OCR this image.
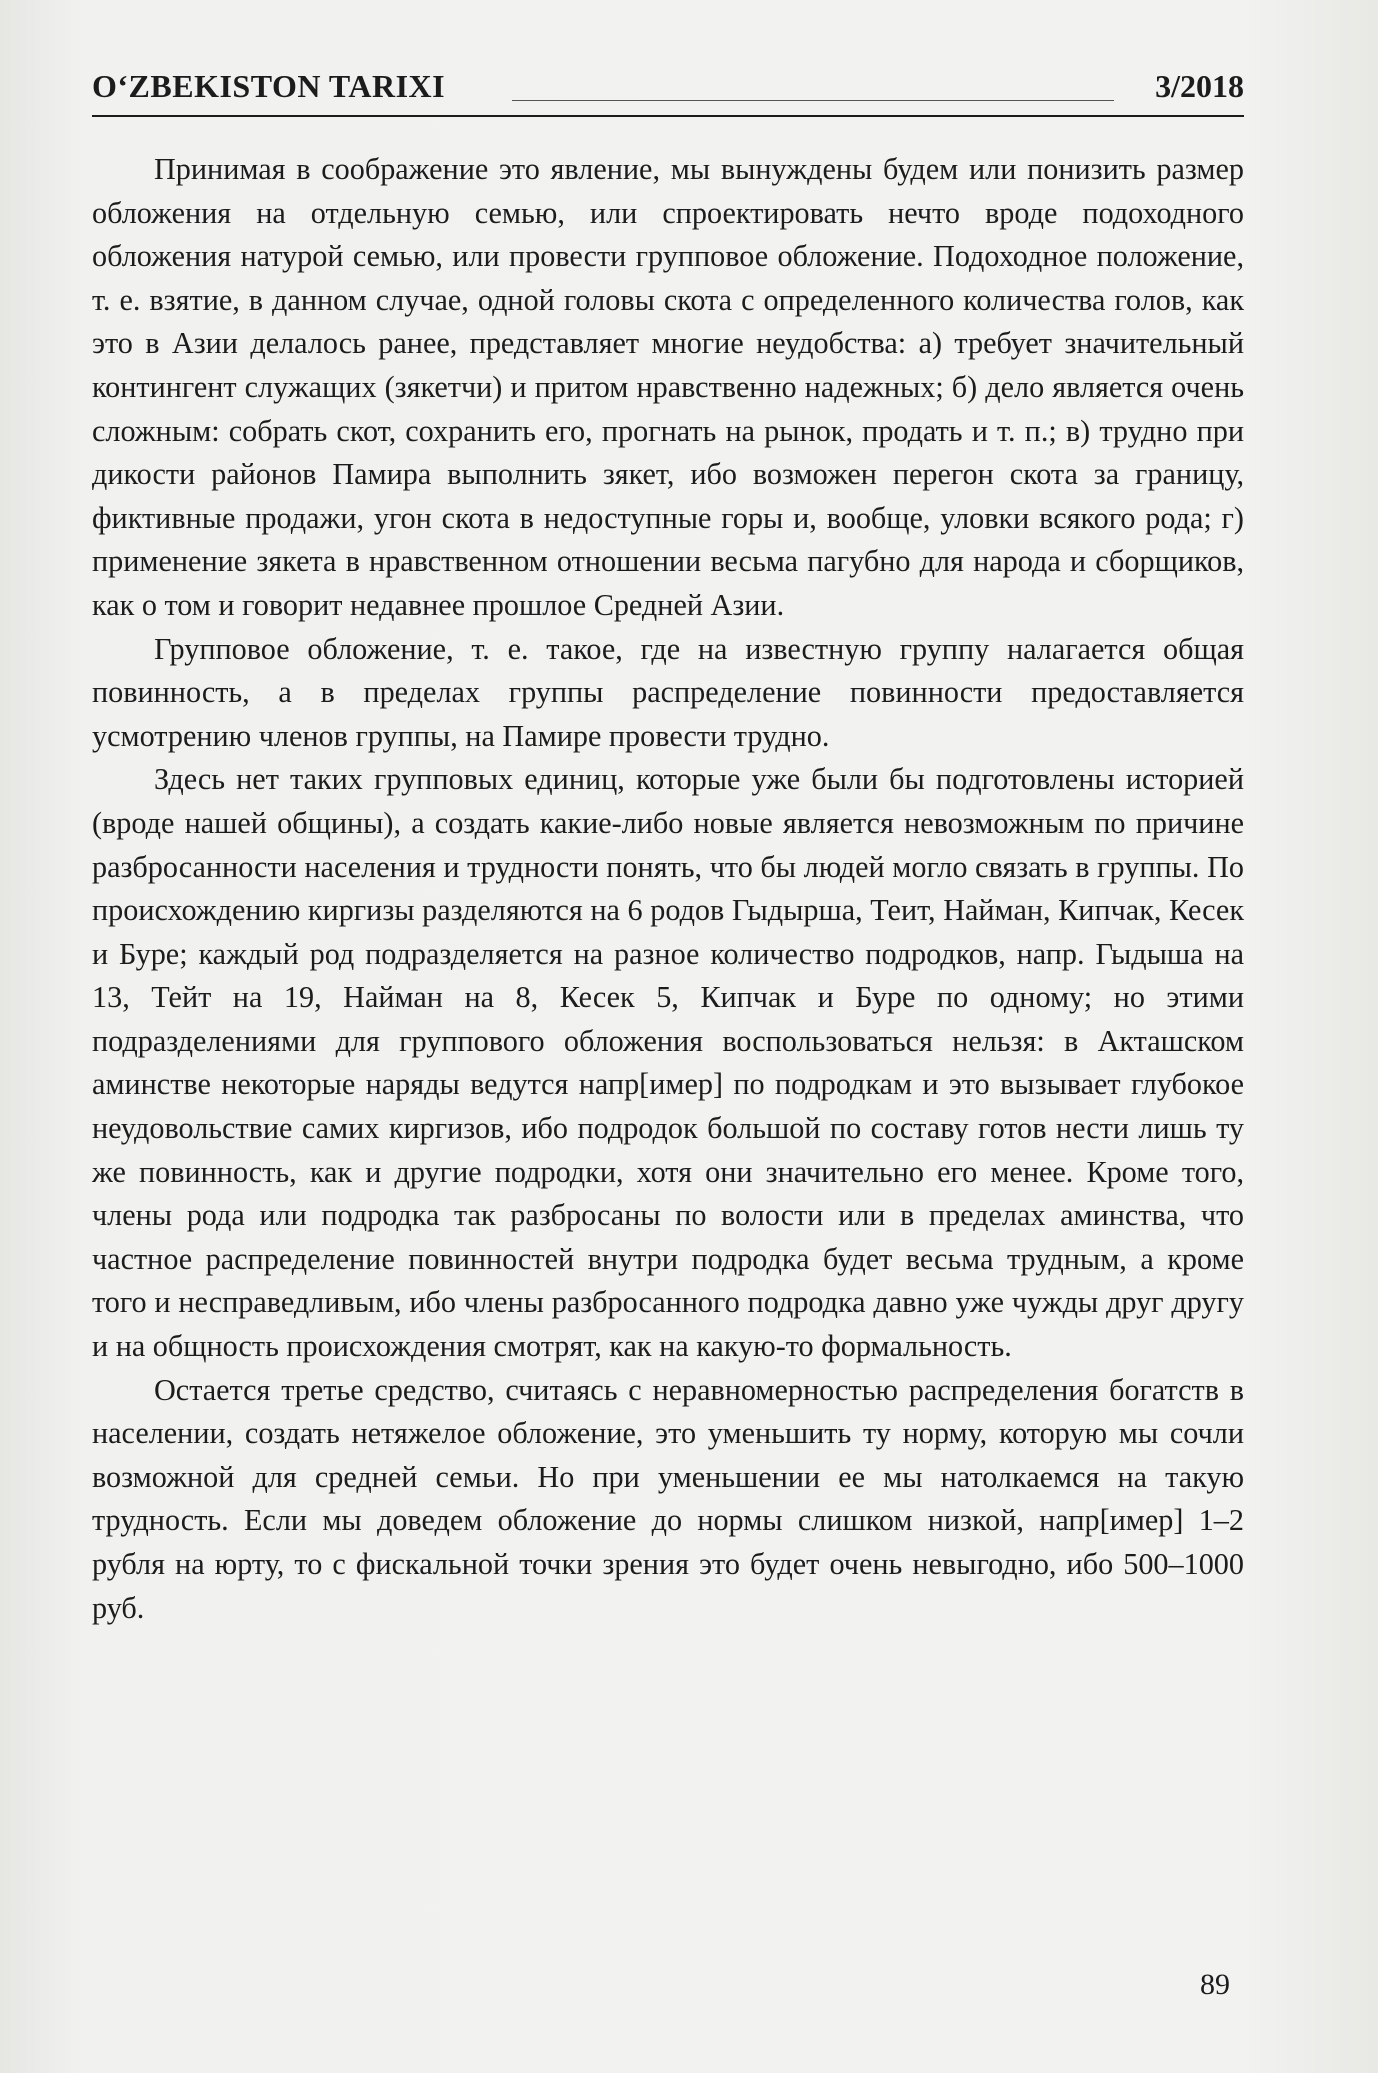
O‘ZBEKISTON TARIXI	3/2018

Принимая в соображение это явление, мы вынуждены будем или понизить размер обложения на отдельную семью, или спроектировать нечто вроде подоходного обложения натурой семью, или провести групповое обложение. Подоходное положение, т. е. взятие, в данном случае, одной головы скота с определенного количества голов, как это в Азии делалось ранее, представляет многие неудобства: а) требует значительный контингент служащих (зякетчи) и притом нравственно надежных; б) дело является очень сложным: собрать скот, сохранить его, прогнать на рынок, продать и т. п.; в) трудно при дикости районов Памира выполнить зякет, ибо возможен перегон скота за границу, фиктивные продажи, угон скота в недоступные горы и, вообще, уловки всякого рода; г) применение зякета в нравственном отношении весьма пагубно для народа и сборщиков, как о том и говорит недавнее прошлое Средней Азии.

Групповое обложение, т. е. такое, где на известную группу налагается общая повинность, а в пределах группы распределение повинности предоставляется усмотрению членов группы, на Памире провести трудно.

Здесь нет таких групповых единиц, которые уже были бы подготовлены историей (вроде нашей общины), а создать какие-либо новые является невозможным по причине разбросанности населения и трудности понять, что бы людей могло связать в группы. По происхождению киргизы разделяются на 6 родов Гыдырша, Теит, Найман, Кипчак, Кесек и Буре; каждый род подразделяется на разное количество подродков, напр. Гыдыша на 13, Тейт на 19, Найман на 8, Кесек 5, Кипчак и Буре по одному; но этими подразделениями для группового обложения воспользоваться нельзя: в Акташском аминстве некоторые наряды ведутся напр[имер] по подродкам и это вызывает глубокое неудовольствие самих киргизов, ибо подродок большой по составу готов нести лишь ту же повинность, как и другие подродки, хотя они значительно его менее. Кроме того, члены рода или подродка так разбросаны по волости или в пределах аминства, что частное распределение повинностей внутри подродка будет весьма трудным, а кроме того и несправедливым, ибо члены разбросанного подродка давно уже чужды друг другу и на общность происхождения смотрят, как на какую-то формальность.

Остается третье средство, считаясь с неравномерностью распределения богатств в населении, создать нетяжелое обложение, это уменьшить ту норму, которую мы сочли возможной для средней семьи. Но при уменьшении ее мы натолкаемся на такую трудность. Если мы доведем обложение до нормы слишком низкой, напр[имер] 1–2 рубля на юрту, то с фискальной точки зрения это будет очень невыгодно, ибо 500–1000 руб.

89
